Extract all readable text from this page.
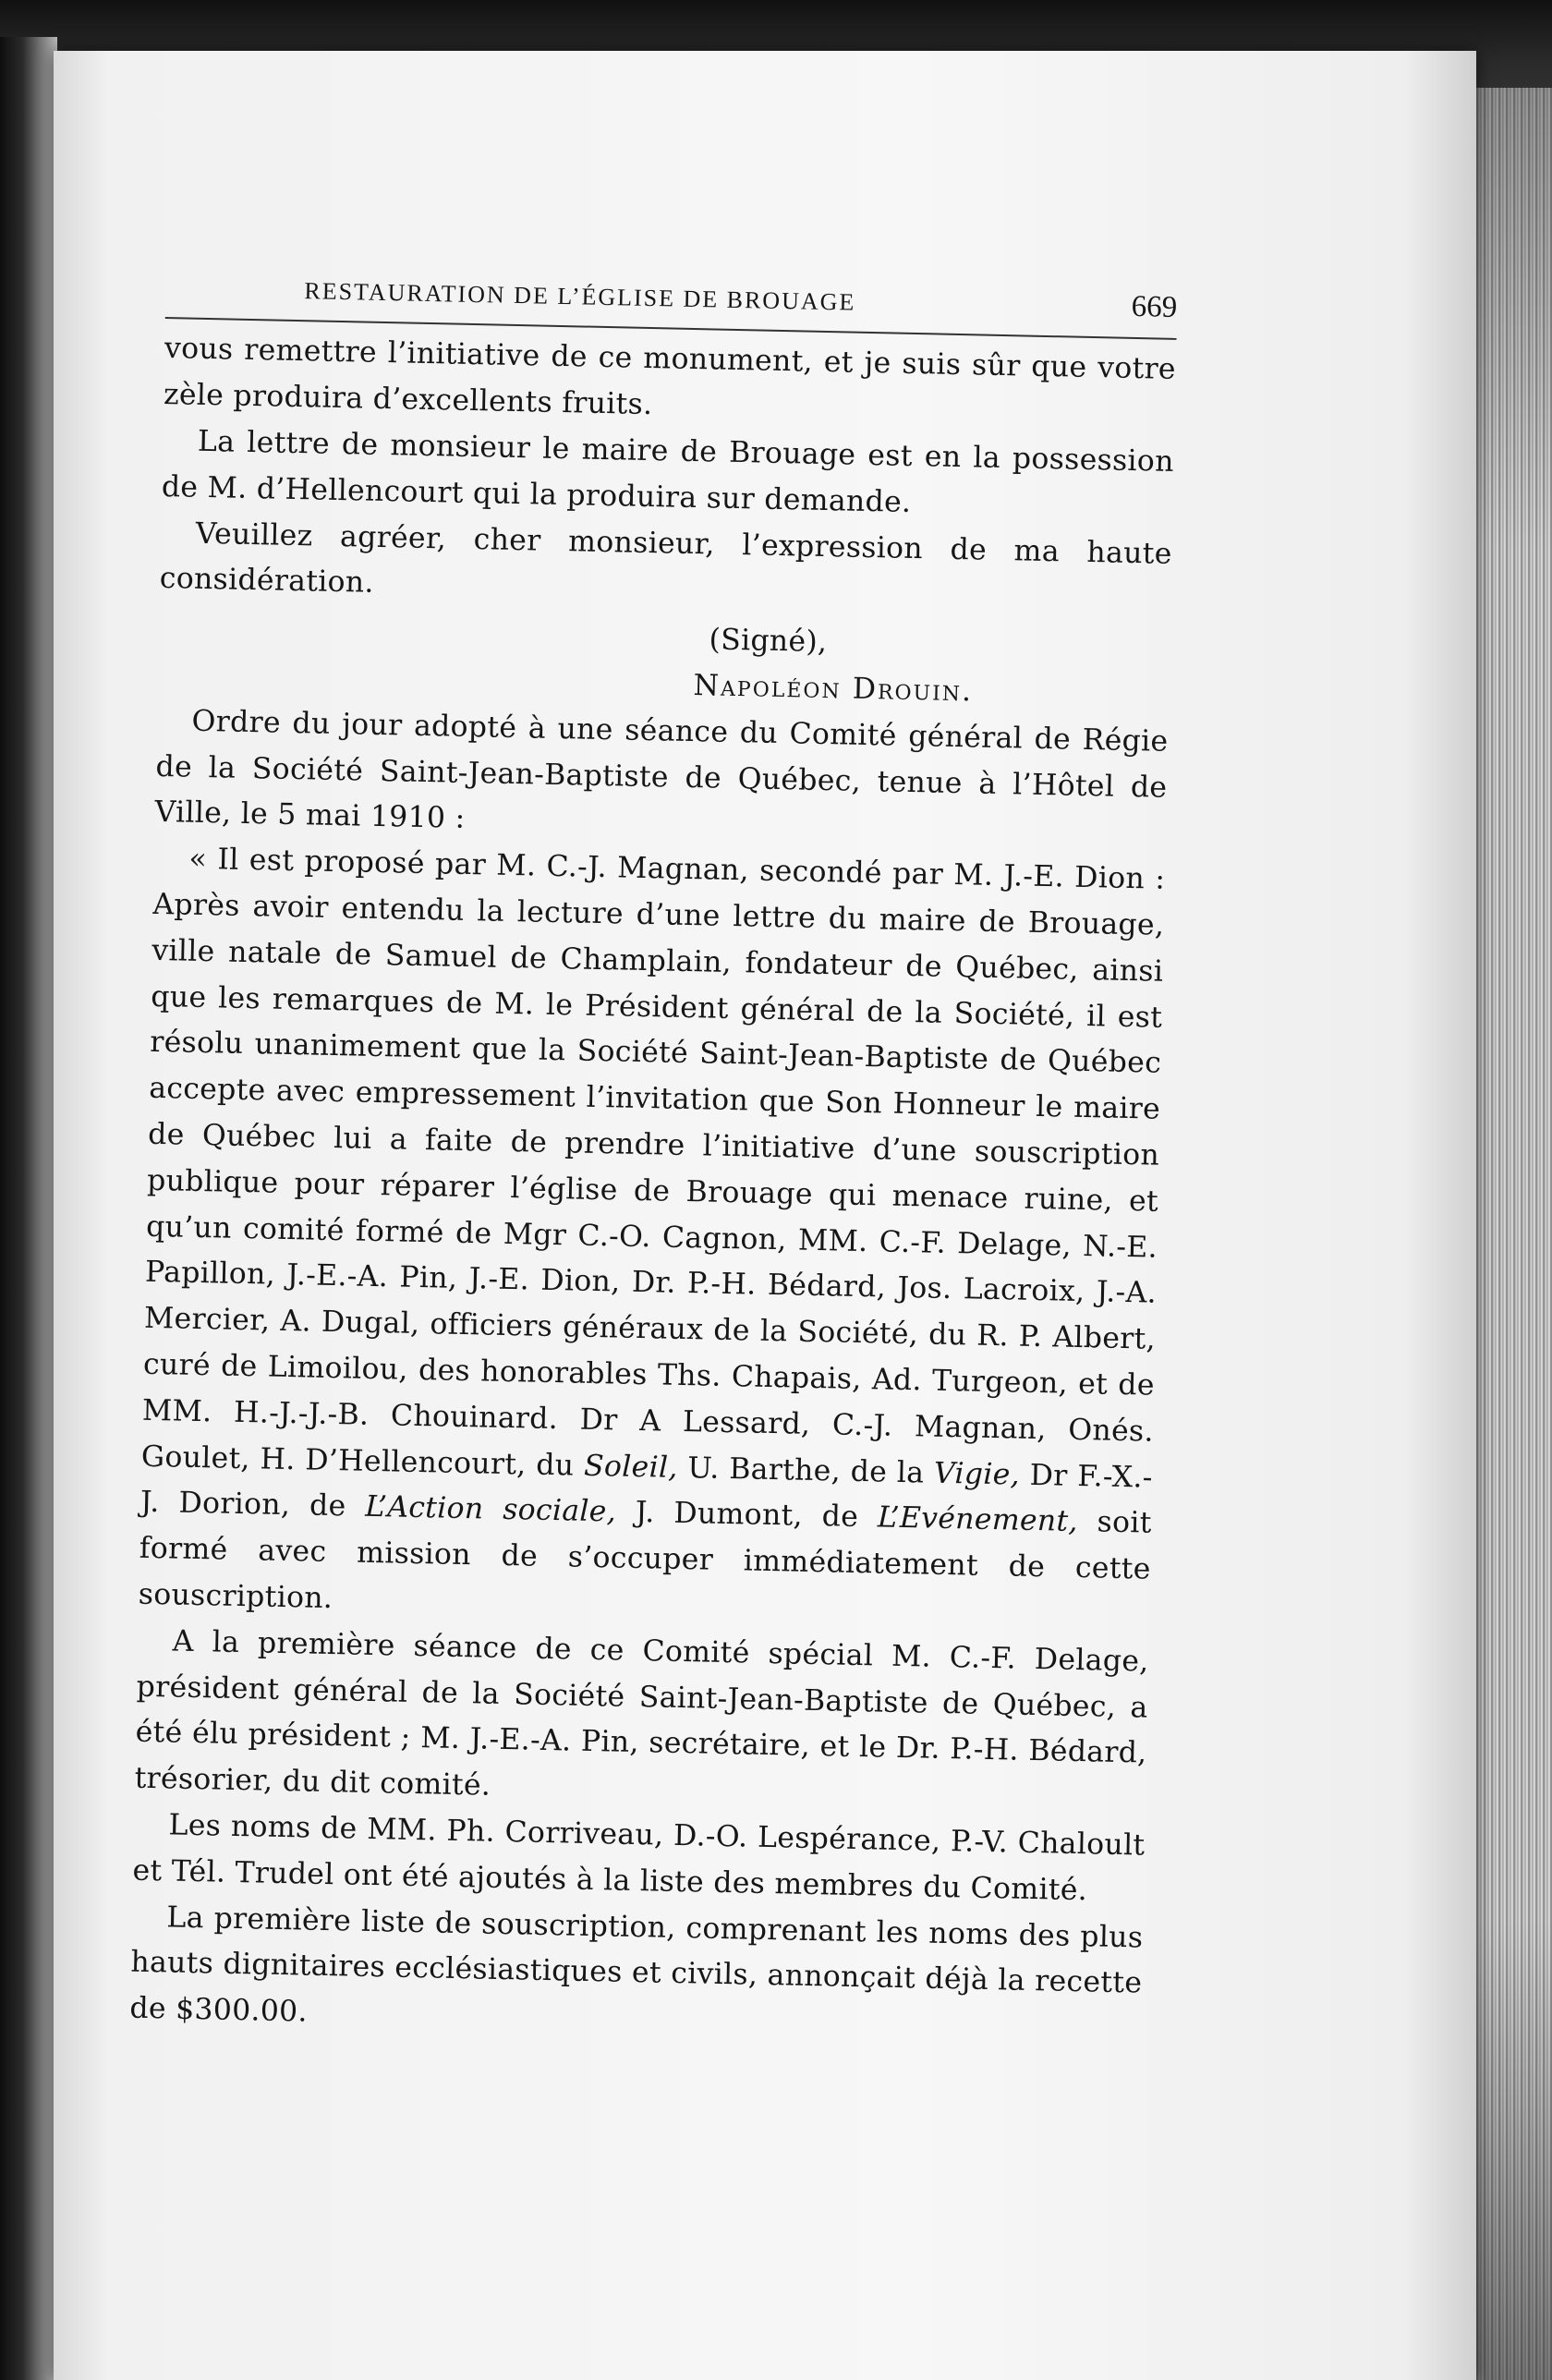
RESTAURATION DE L’ÉGLISE DE BROUAGE	669

vous remettre l’initiative de ce monument, et je suis sûr que votre zèle produira d’excellents fruits.

La lettre de monsieur le maire de Brouage est en la possession de M. d’Hellencourt qui la produira sur demande.

Veuillez agréer, cher monsieur, l’expression de ma haute considération.

(Signé),

Napoléon Drouin.

Ordre du jour adopté à une séance du Comité général de Régie de la Société Saint-Jean-Baptiste de Québec, tenue à l’Hôtel de Ville, le 5 mai 1910 :

« Il est proposé par M. C.-J. Magnan, secondé par M. J.-E. Dion : Après avoir entendu la lecture d’une lettre du maire de Brouage, ville natale de Samuel de Champlain, fondateur de Québec, ainsi que les remarques de M. le Président général de la Société, il est résolu unanimement que la Société Saint-Jean-Baptiste de Québec accepte avec empressement l’invitation que Son Honneur le maire de Québec lui a faite de prendre l’initiative d’une souscription publique pour réparer l’église de Brouage qui menace ruine, et qu’un comité formé de Mgr C.-O. Cagnon, MM. C.-F. Delage, N.-E. Papillon, J.-E.-A. Pin, J.-E. Dion, Dr. P.-H. Bédard, Jos. Lacroix, J.-A. Mercier, A. Dugal, officiers généraux de la Société, du R. P. Albert, curé de Limoilou, des honorables Ths. Chapais, Ad. Turgeon, et de MM. H.-J.-J.-B. Chouinard. Dr A Lessard, C.-J. Magnan, Onés. Goulet, H. D’Hellencourt, du Soleil, U. Barthe, de la Vigie, Dr F.-X.-J. Dorion, de L’Action sociale, J. Dumont, de L’Evénement, soit formé avec mission de s’occuper immédiatement de cette souscription.

A la première séance de ce Comité spécial M. C.-F. Delage, président général de la Société Saint-Jean-Baptiste de Québec, a été élu président ; M. J.-E.-A. Pin, secrétaire, et le Dr. P.-H. Bédard, trésorier, du dit comité.

Les noms de MM. Ph. Corriveau, D.-O. Lespérance, P.-V. Chaloult et Tél. Trudel ont été ajoutés à la liste des membres du Comité.

La première liste de souscription, comprenant les noms des plus hauts dignitaires ecclésiastiques et civils, annonçait déjà la recette de $300.00.
